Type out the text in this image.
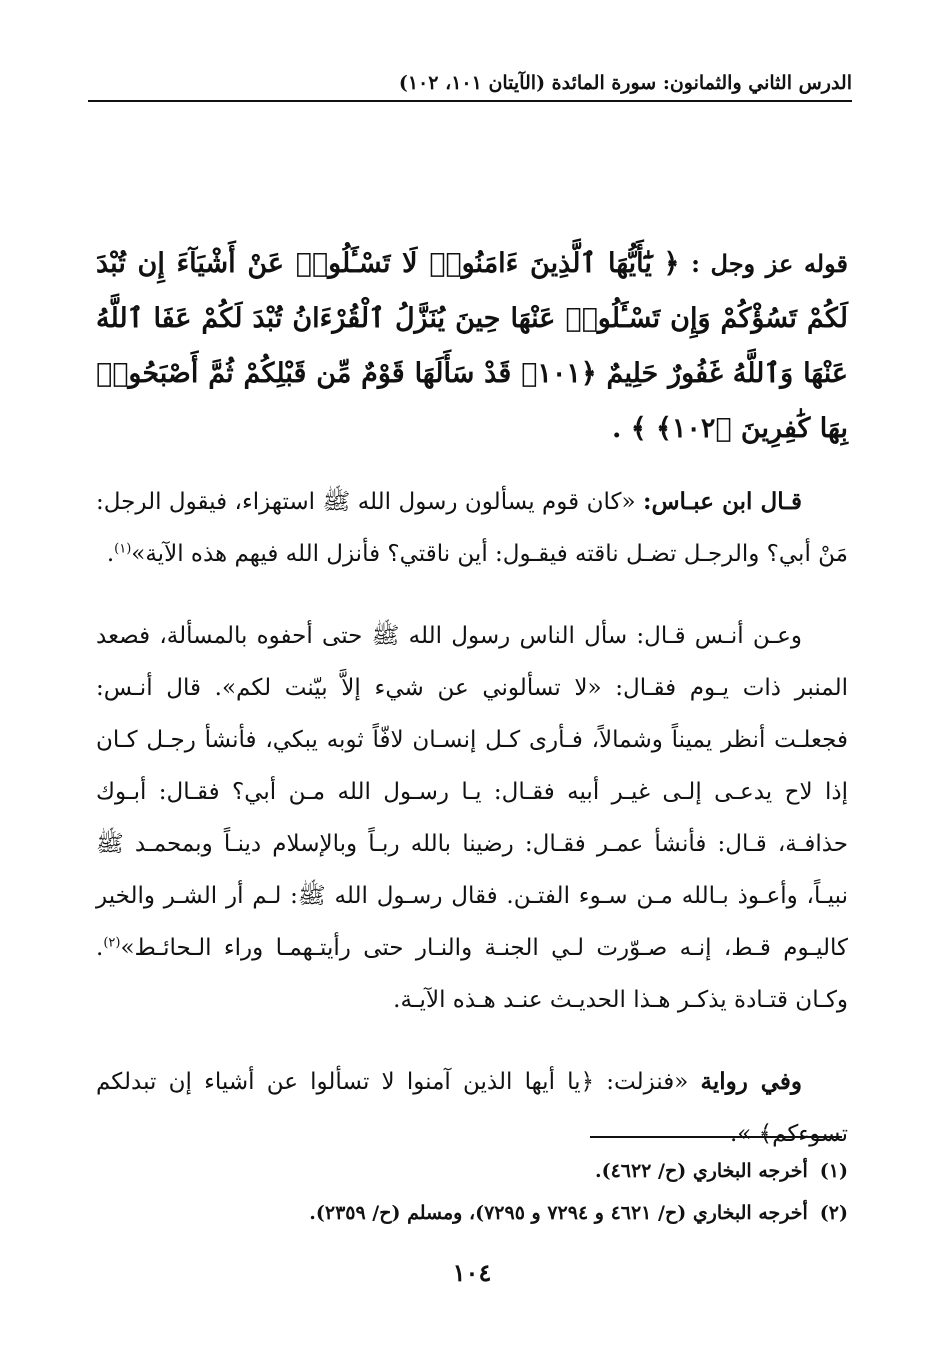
الدرس الثاني والثمانون: سورة المائدة (الآيتان ١٠١، ١٠٢)

قوله عز وجل : ﴿ يَٰٓأَيُّهَا ٱلَّذِينَ ءَامَنُوا۟ لَا تَسْـَٔلُوا۟ عَنْ أَشْيَآءَ إِن تُبْدَ لَكُمْ تَسُؤْكُمْ وَإِن تَسْـَٔلُوا۟ عَنْهَا حِينَ يُنَزَّلُ ٱلْقُرْءَانُ تُبْدَ لَكُمْ عَفَا ٱللَّهُ عَنْهَا وَٱللَّهُ غَفُورٌ حَلِيمٌ ﴿١٠١﴾ قَدْ سَأَلَهَا قَوْمٌ مِّن قَبْلِكُمْ ثُمَّ أَصْبَحُوا۟ بِهَا كَٰفِرِينَ ﴿١٠٢﴾ ﴾ .

قـال ابن عبـاس: «كان قوم يسألون رسول الله ﷺ استهزاء، فيقول الرجل: مَنْ أبي؟ والرجـل تضـل ناقته فيقـول: أين ناقتي؟ فأنزل الله فيهم هذه الآية»$^{(١)}$.

وعـن أنـس قـال: سأل الناس رسول الله ﷺ حتى أحفوه بالمسألة، فصعد المنبر ذات يـوم فقـال: «لا تسألوني عن شيء إلاَّ بيّنت لكم». قال أنـس: فجعلـت أنظر يميناً وشمالاً، فـأرى كـل إنسـان لافّاً ثوبه يبكي، فأنشأ رجـل كـان إذا لاح يدعـى إلـى غيـر أبيه فقـال: يـا رسـول الله مـن أبي؟ فقـال: أبـوك حذافـة، قـال: فأنشأ عمـر فقـال: رضينا بالله ربـاً وبالإسلام دينـاً وبمحمـد ﷺ نبيـاً، وأعـوذ بـالله مـن سـوء الفتـن. فقال رسـول الله ﷺ: لـم أر الشـر والخير كاليـوم قـط، إنـه صـوّرت لـي الجنـة والنـار حتى رأيتـهمـا وراء الـحائـط»$^{(٢)}$. وكـان قتـادة يذكـر هـذا الحديـث عنـد هـذه الآيـة.

وفي رواية «فنزلت: ﴿يا أيها الذين آمنوا لا تسألوا عن أشياء إن تبدلكم تسوءكم﴾ ».

(١)أخرجه البخاري (ح/ ٤٦٢٢).

(٢)أخرجه البخاري (ح/ ٤٦٢١ و ٧٢٩٤ و ٧٢٩٥)، ومسلم (ح/ ٢٣٥٩).

١٠٤
